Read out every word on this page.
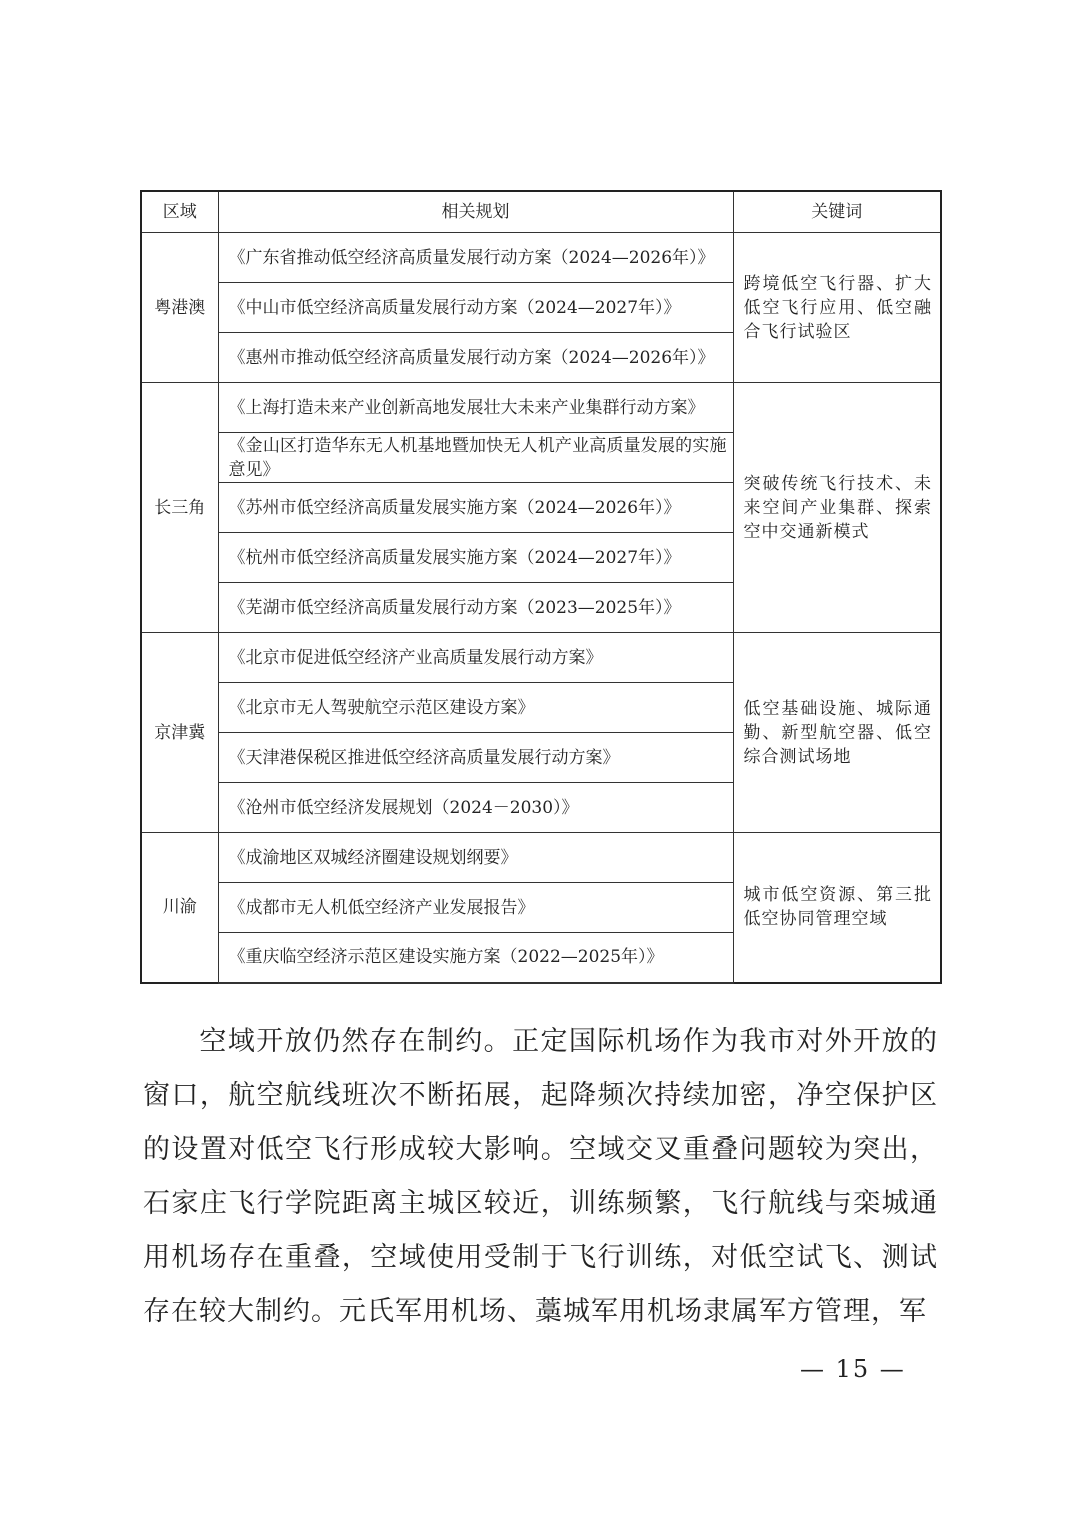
区域	相关规划	关键词
粤港澳	《广东省推动低空经济高质量发展行动方案（2024—2026年）》	跨境低空飞行器、扩大低空飞行应用、低空融合飞行试验区
	《中山市低空经济高质量发展行动方案（2024—2027年）》	
	《惠州市推动低空经济高质量发展行动方案（2024—2026年）》	
长三角	《上海打造未来产业创新高地发展壮大未来产业集群行动方案》	突破传统飞行技术、未来空间产业集群、探索空中交通新模式
	《金山区打造华东无人机基地暨加快无人机产业高质量发展的实施意见》	
	《苏州市低空经济高质量发展实施方案（2024—2026年）》	
	《杭州市低空经济高质量发展实施方案（2024—2027年）》	
	《芜湖市低空经济高质量发展行动方案（2023—2025年）》	
京津冀	《北京市促进低空经济产业高质量发展行动方案》	低空基础设施、城际通勤、新型航空器、低空综合测试场地
	《北京市无人驾驶航空示范区建设方案》	
	《天津港保税区推进低空经济高质量发展行动方案》	
	《沧州市低空经济发展规划（2024－2030）》	
川渝	《成渝地区双城经济圈建设规划纲要》	城市低空资源、第三批低空协同管理空域
	《成都市无人机低空经济产业发展报告》	
	《重庆临空经济示范区建设实施方案（2022—2025年）》	
空域开放仍然存在制约。正定国际机场作为我市对外开放的窗口，航空航线班次不断拓展，起降频次持续加密，净空保护区的设置对低空飞行形成较大影响。空域交叉重叠问题较为突出，石家庄飞行学院距离主城区较近，训练频繁，飞行航线与栾城通用机场存在重叠，空域使用受制于飞行训练，对低空试飞、测试存在较大制约。元氏军用机场、藁城军用机场隶属军方管理，军
— 15 —
